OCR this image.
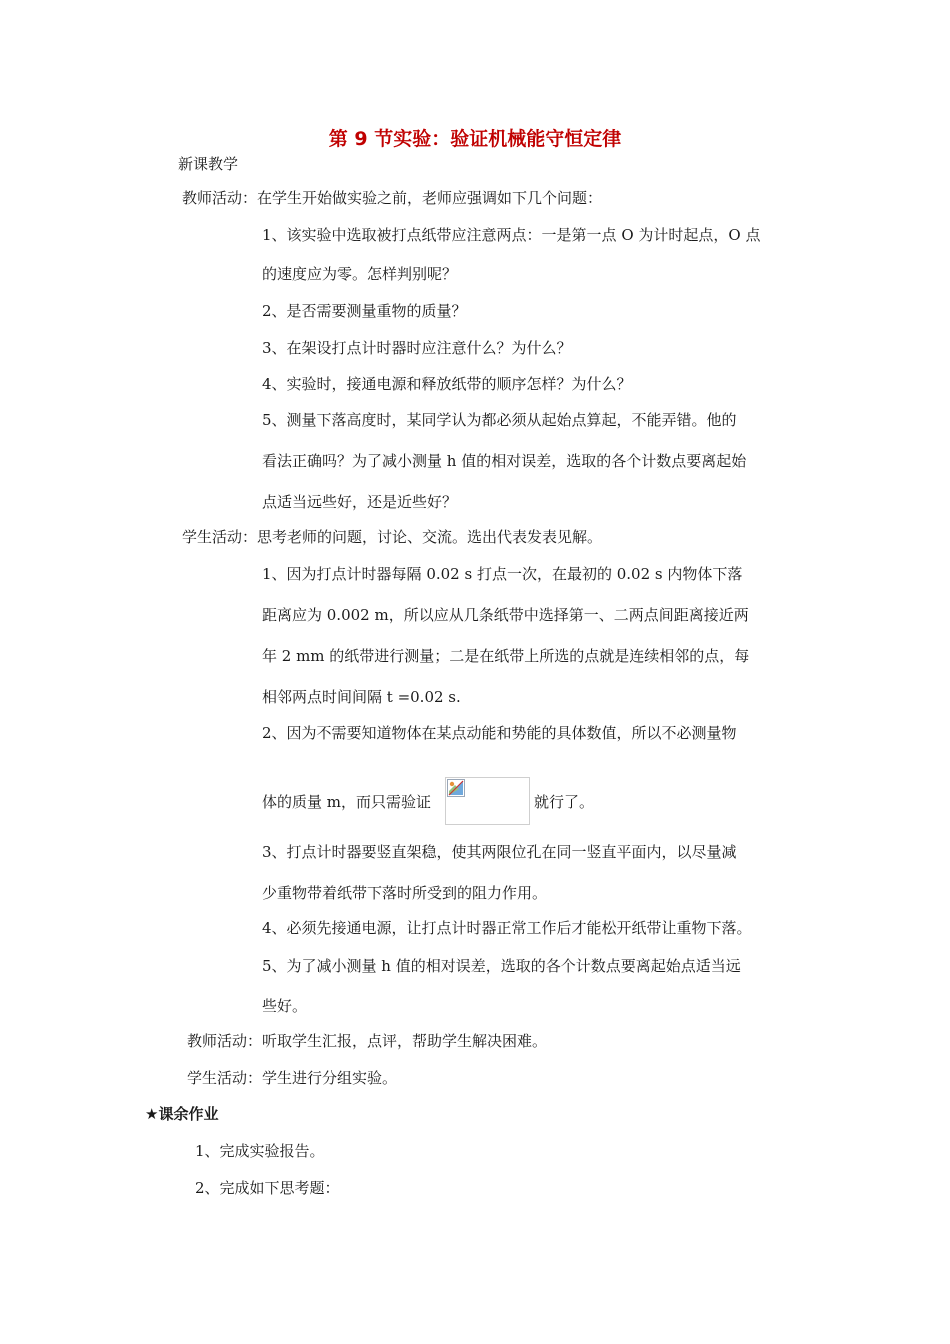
第 9 节实验：验证机械能守恒定律
新课教学
教师活动：在学生开始做实验之前，老师应强调如下几个问题：
1、该实验中选取被打点纸带应注意两点：一是第一点 O 为计时起点，O 点
的速度应为零。怎样判别呢？
2、是否需要测量重物的质量？
3、在架设打点计时器时应注意什么？为什么？
4、实验时，接通电源和释放纸带的顺序怎样？为什么？
5、测量下落高度时，某同学认为都必须从起始点算起，不能弄错。他的
看法正确吗？为了减小测量 h 值的相对误差，选取的各个计数点要离起始
点适当远些好，还是近些好？
学生活动：思考老师的问题，讨论、交流。选出代表发表见解。
1、因为打点计时器每隔 0.02 s 打点一次，在最初的 0.02 s 内物体下落
距离应为 0.002 m，所以应从几条纸带中选择第一、二两点间距离接近两
年 2 mm 的纸带进行测量；二是在纸带上所选的点就是连续相邻的点，每
相邻两点时间间隔 t =0.02 s.
2、因为不需要知道物体在某点动能和势能的具体数值，所以不必测量物
体的质量 m，而只需验证	就行了。
3、打点计时器要竖直架稳，使其两限位孔在同一竖直平面内，以尽量减
少重物带着纸带下落时所受到的阻力作用。
4、必须先接通电源，让打点计时器正常工作后才能松开纸带让重物下落。
5、为了减小测量 h 值的相对误差，选取的各个计数点要离起始点适当远
些好。
教师活动：听取学生汇报，点评，帮助学生解决困难。
学生活动：学生进行分组实验。
★课余作业
1、完成实验报告。
2、完成如下思考题：
